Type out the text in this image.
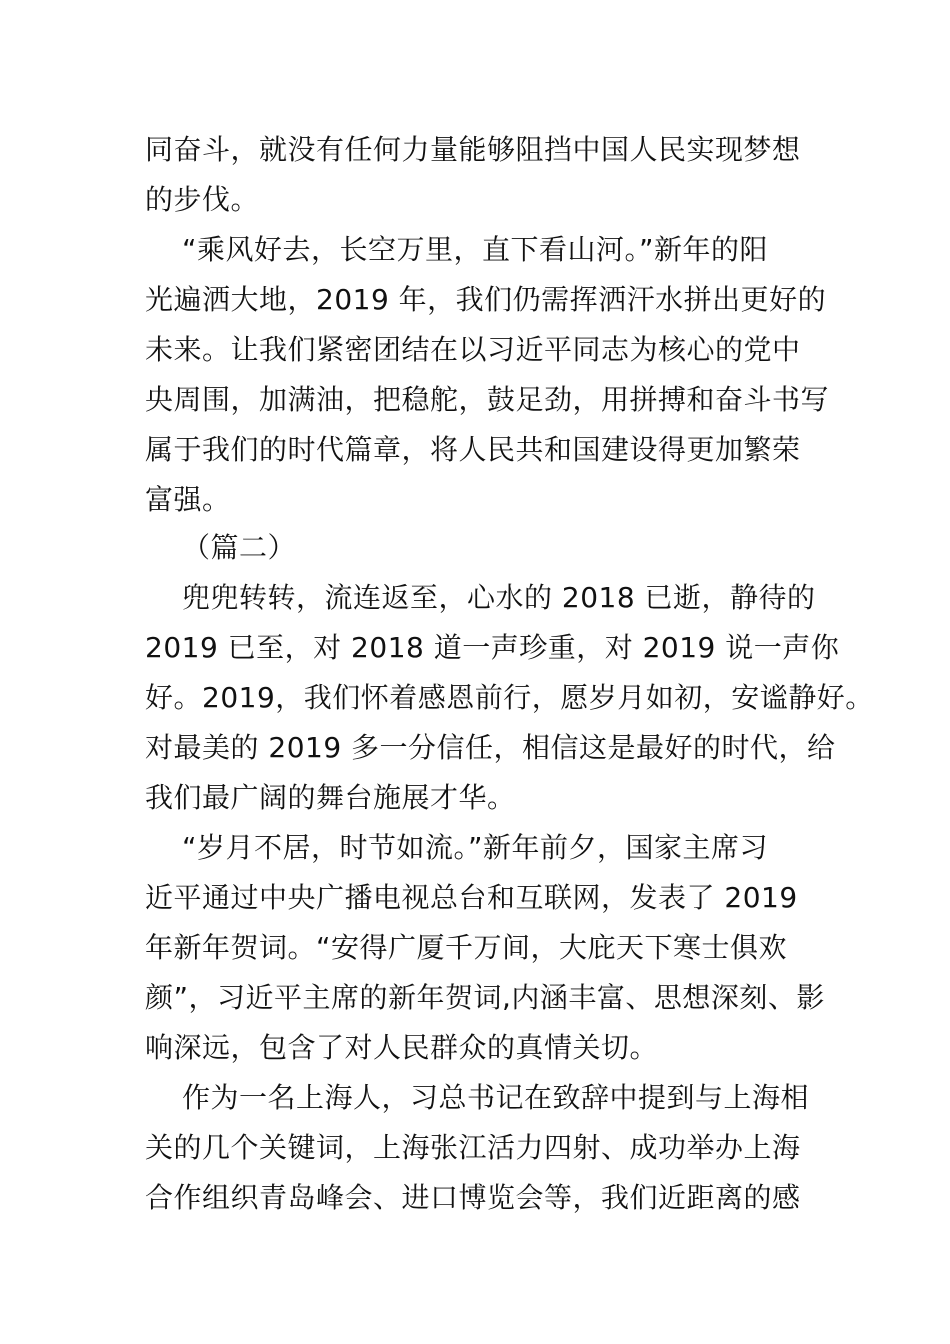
同奋斗，就没有任何力量能够阻挡中国人民实现梦想
的步伐。
“乘风好去，长空万里，直下看山河。”新年的阳
光遍洒大地，2019 年，我们仍需挥洒汗水拼出更好的
未来。让我们紧密团结在以习近平同志为核心的党中
央周围，加满油，把稳舵，鼓足劲，用拼搏和奋斗书写
属于我们的时代篇章，将人民共和国建设得更加繁荣
富强。
（篇二）
兜兜转转，流连返至，心水的 2018 已逝，静待的
2019 已至，对 2018 道一声珍重，对 2019 说一声你
好。2019，我们怀着感恩前行，愿岁月如初，安谧静好。
对最美的 2019 多一分信任，相信这是最好的时代，给
我们最广阔的舞台施展才华。
“岁月不居，时节如流。”新年前夕，国家主席习
近平通过中央广播电视总台和互联网，发表了 2019
年新年贺词。“安得广厦千万间，大庇天下寒士俱欢
颜”，习近平主席的新年贺词,内涵丰富、思想深刻、影
响深远，包含了对人民群众的真情关切。
作为一名上海人，习总书记在致辞中提到与上海相
关的几个关键词，上海张江活力四射、成功举办上海
合作组织青岛峰会、进口博览会等，我们近距离的感
